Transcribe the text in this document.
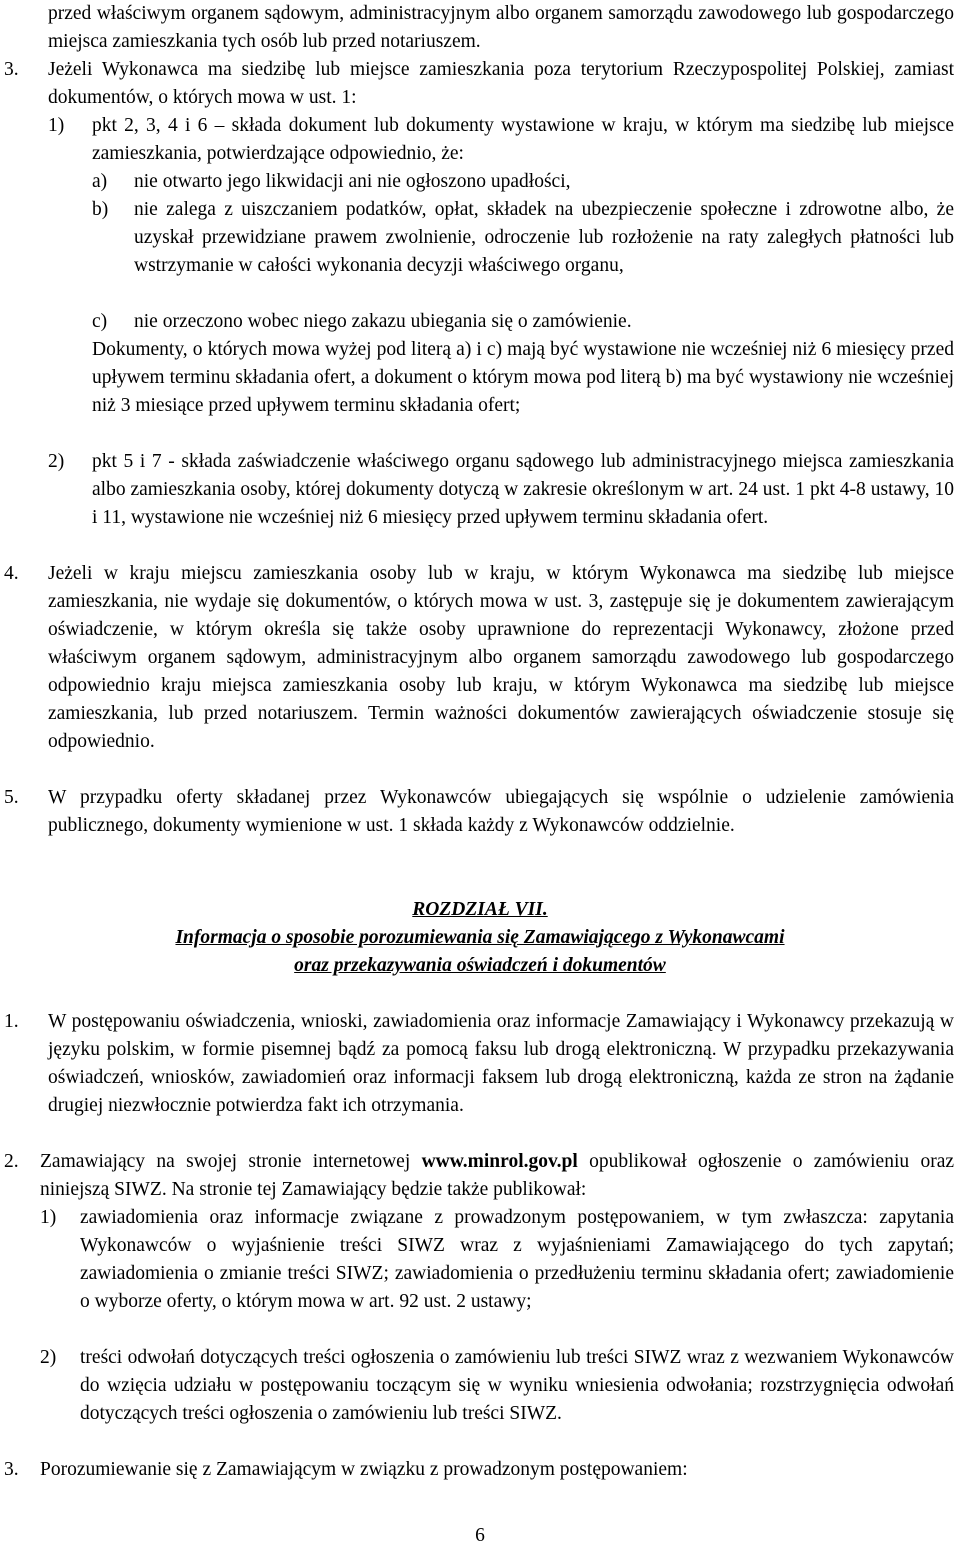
przed właściwym organem sądowym, administracyjnym albo organem samorządu zawodowego lub gospodarczego miejsca zamieszkania tych osób lub przed notariuszem.

3.	Jeżeli Wykonawca ma siedzibę lub miejsce zamieszkania poza terytorium Rzeczypospolitej Polskiej, zamiast dokumentów, o których mowa w ust. 1:
1)	pkt 2, 3, 4 i 6 – składa dokument lub dokumenty wystawione w kraju, w którym ma siedzibę lub miejsce zamieszkania, potwierdzające odpowiednio, że:
a)	nie otwarto jego likwidacji ani nie ogłoszono upadłości,
b)	nie zalega z uiszczaniem podatków, opłat, składek na ubezpieczenie społeczne i zdrowotne albo, że uzyskał przewidziane prawem zwolnienie, odroczenie lub rozłożenie na raty zaległych płatności lub wstrzymanie w całości wykonania decyzji właściwego organu,
c)	nie orzeczono wobec niego zakazu ubiegania się o zamówienie.

Dokumenty, o których mowa wyżej pod literą a) i c) mają być wystawione nie wcześniej niż 6 miesięcy przed upływem terminu składania ofert, a dokument o którym mowa pod literą b) ma być wystawiony nie wcześniej niż 3 miesiące przed upływem terminu składania ofert;

2)	pkt 5 i 7 - składa zaświadczenie właściwego organu sądowego lub administracyjnego miejsca zamieszkania albo zamieszkania osoby, której dokumenty dotyczą w zakresie określonym w art. 24 ust. 1 pkt 4-8 ustawy, 10 i 11, wystawione nie wcześniej niż 6 miesięcy przed upływem terminu składania ofert.
4.	Jeżeli w kraju miejscu zamieszkania osoby lub w kraju, w którym Wykonawca ma siedzibę lub miejsce zamieszkania, nie wydaje się dokumentów, o których mowa w ust. 3, zastępuje się je dokumentem zawierającym oświadczenie, w którym określa się także osoby uprawnione do reprezentacji Wykonawcy, złożone przed właściwym organem sądowym, administracyjnym albo organem samorządu zawodowego lub gospodarczego odpowiednio kraju miejsca zamieszkania osoby lub kraju, w którym Wykonawca ma siedzibę lub miejsce zamieszkania, lub przed notariuszem. Termin ważności dokumentów zawierających oświadczenie stosuje się odpowiednio.
5.	W przypadku oferty składanej przez Wykonawców ubiegających się wspólnie o udzielenie zamówienia publicznego, dokumenty wymienione w ust. 1 składa każdy z Wykonawców oddzielnie.
ROZDZIAŁ VII.
Informacja o sposobie porozumiewania się Zamawiającego z Wykonawcami
oraz przekazywania oświadczeń i dokumentów
1.	W postępowaniu oświadczenia, wnioski, zawiadomienia oraz informacje Zamawiający i Wykonawcy przekazują w języku polskim, w formie pisemnej bądź za pomocą faksu lub drogą elektroniczną. W przypadku przekazywania oświadczeń, wniosków, zawiadomień oraz informacji faksem lub drogą elektroniczną, każda ze stron na żądanie drugiej niezwłocznie potwierdza fakt ich otrzymania.
2.	Zamawiający na swojej stronie internetowej www.minrol.gov.pl opublikował ogłoszenie o zamówieniu oraz niniejszą SIWZ. Na stronie tej Zamawiający będzie także publikował:
1)	zawiadomienia oraz informacje związane z prowadzonym postępowaniem, w tym zwłaszcza: zapytania Wykonawców o wyjaśnienie treści SIWZ wraz z wyjaśnieniami Zamawiającego do tych zapytań; zawiadomienia o zmianie treści SIWZ; zawiadomienia o przedłużeniu terminu składania ofert; zawiadomienie o wyborze oferty, o którym mowa w art. 92 ust. 2 ustawy;
2)	treści odwołań dotyczących treści ogłoszenia o zamówieniu lub treści SIWZ wraz z wezwaniem Wykonawców do wzięcia udziału w postępowaniu toczącym się w wyniku wniesienia odwołania; rozstrzygnięcia odwołań dotyczących treści ogłoszenia o zamówieniu lub treści SIWZ.
3.	Porozumiewanie się z Zamawiającym w związku z prowadzonym postępowaniem:
6
